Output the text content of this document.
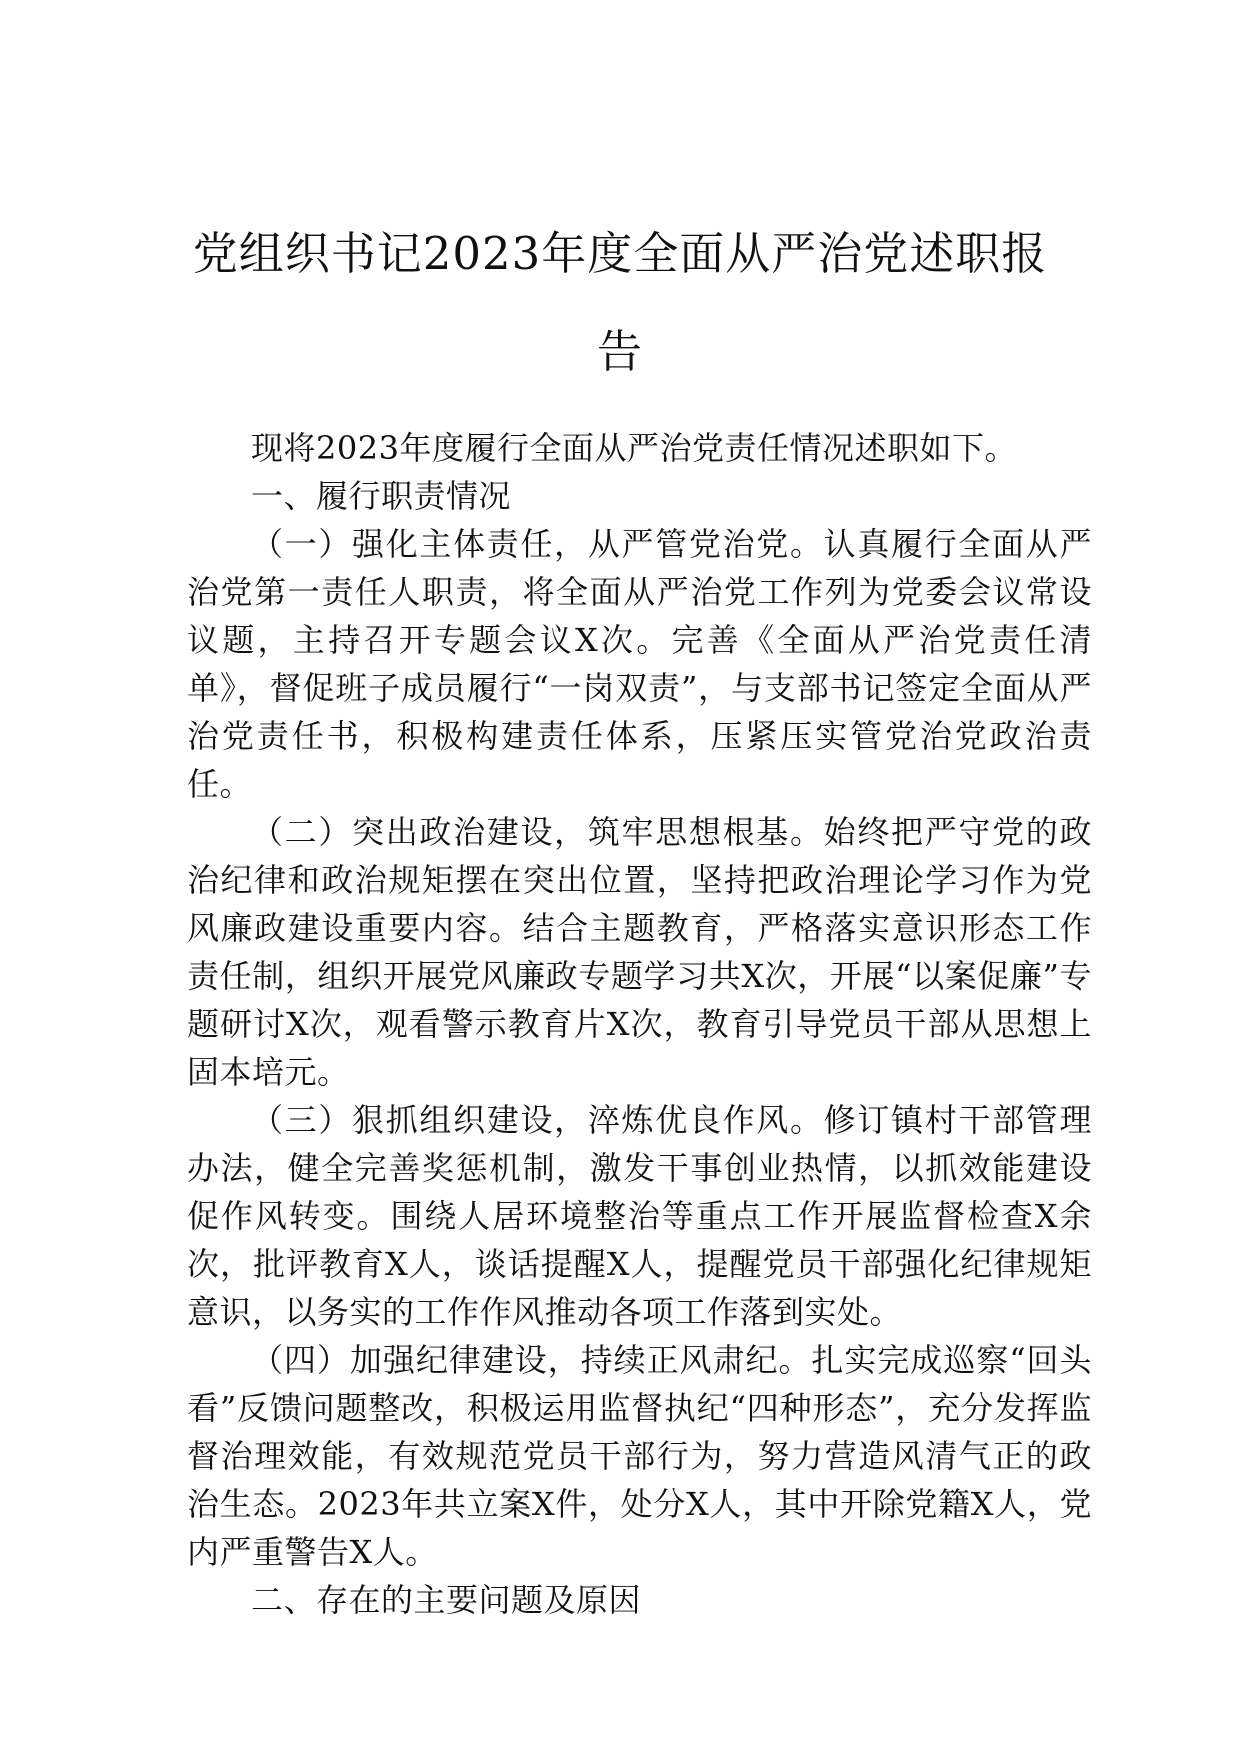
党组织书记2023年度全面从严治党述职报告

现将2023年度履行全面从严治党责任情况述职如下。

一、履行职责情况

（一）强化主体责任，从严管党治党。认真履行全面从严治党第一责任人职责，将全面从严治党工作列为党委会议常设议题，主持召开专题会议X次。完善《全面从严治党责任清单》，督促班子成员履行“一岗双责”，与支部书记签定全面从严治党责任书，积极构建责任体系，压紧压实管党治党政治责任。

（二）突出政治建设，筑牢思想根基。始终把严守党的政治纪律和政治规矩摆在突出位置，坚持把政治理论学习作为党风廉政建设重要内容。结合主题教育，严格落实意识形态工作责任制，组织开展党风廉政专题学习共X次，开展“以案促廉”专题研讨X次，观看警示教育片X次，教育引导党员干部从思想上固本培元。

（三）狠抓组织建设，淬炼优良作风。修订镇村干部管理办法，健全完善奖惩机制，激发干事创业热情，以抓效能建设促作风转变。围绕人居环境整治等重点工作开展监督检查X余次，批评教育X人，谈话提醒X人，提醒党员干部强化纪律规矩意识，以务实的工作作风推动各项工作落到实处。

（四）加强纪律建设，持续正风肃纪。扎实完成巡察“回头看”反馈问题整改，积极运用监督执纪“四种形态”，充分发挥监督治理效能，有效规范党员干部行为，努力营造风清气正的政治生态。2023年共立案X件，处分X人，其中开除党籍X人，党内严重警告X人。

二、存在的主要问题及原因
